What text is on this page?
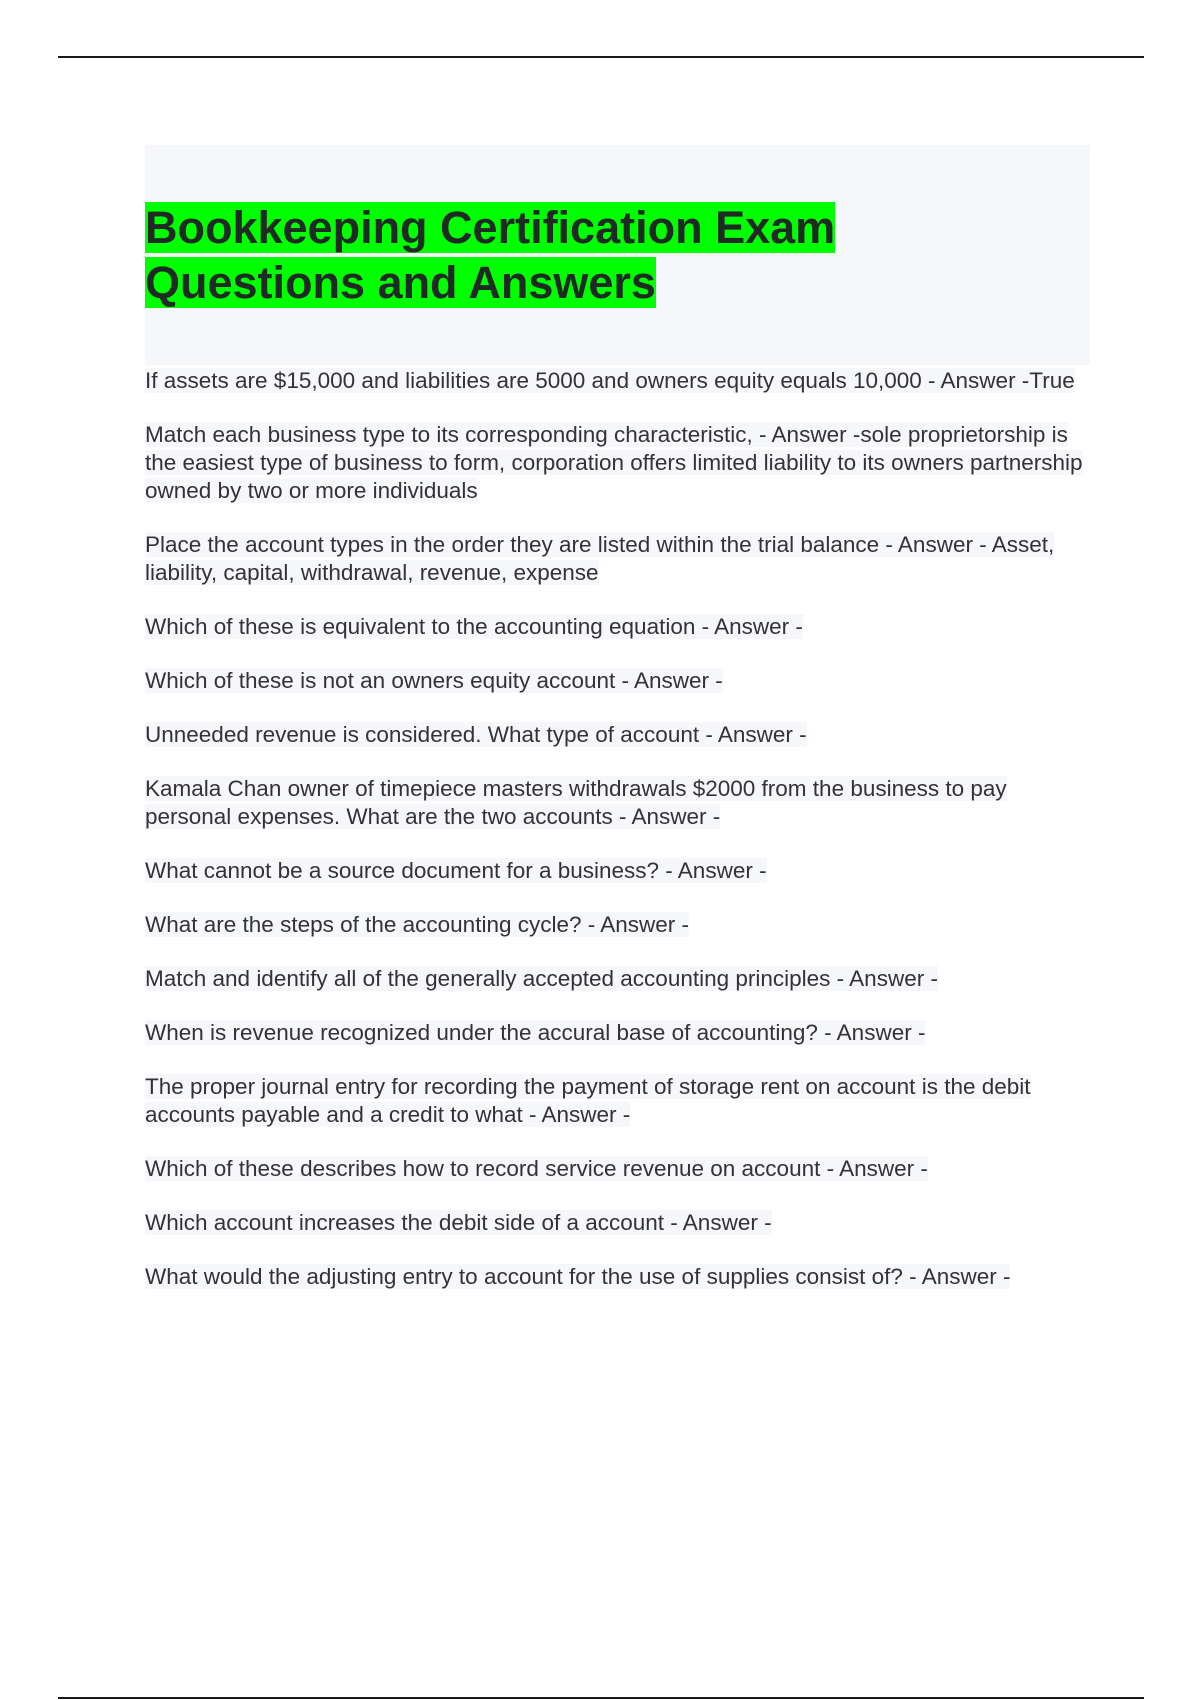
Bookkeeping Certification Exam Questions and Answers
If assets are $15,000 and liabilities are 5000 and owners equity equals 10,000 - Answer -True
Match each business type to its corresponding characteristic, - Answer -sole proprietorship is the easiest type of business to form, corporation offers limited liability to its owners partnership owned by two or more individuals
Place the account types in the order they are listed within the trial balance - Answer - Asset, liability, capital, withdrawal, revenue, expense
Which of these is equivalent to the accounting equation - Answer -
Which of these is not an owners equity account - Answer -
Unneeded revenue is considered. What type of account - Answer -
Kamala Chan owner of timepiece masters withdrawals $2000 from the business to pay personal expenses. What are the two accounts - Answer -
What cannot be a source document for a business? - Answer -
What are the steps of the accounting cycle? - Answer -
Match and identify all of the generally accepted accounting principles - Answer -
When is revenue recognized under the accural base of accounting? - Answer -
The proper journal entry for recording the payment of storage rent on account is the debit accounts payable and a credit to what - Answer -
Which of these describes how to record service revenue on account - Answer -
Which account increases the debit side of a account - Answer -
What would the adjusting entry to account for the use of supplies consist of? - Answer -
